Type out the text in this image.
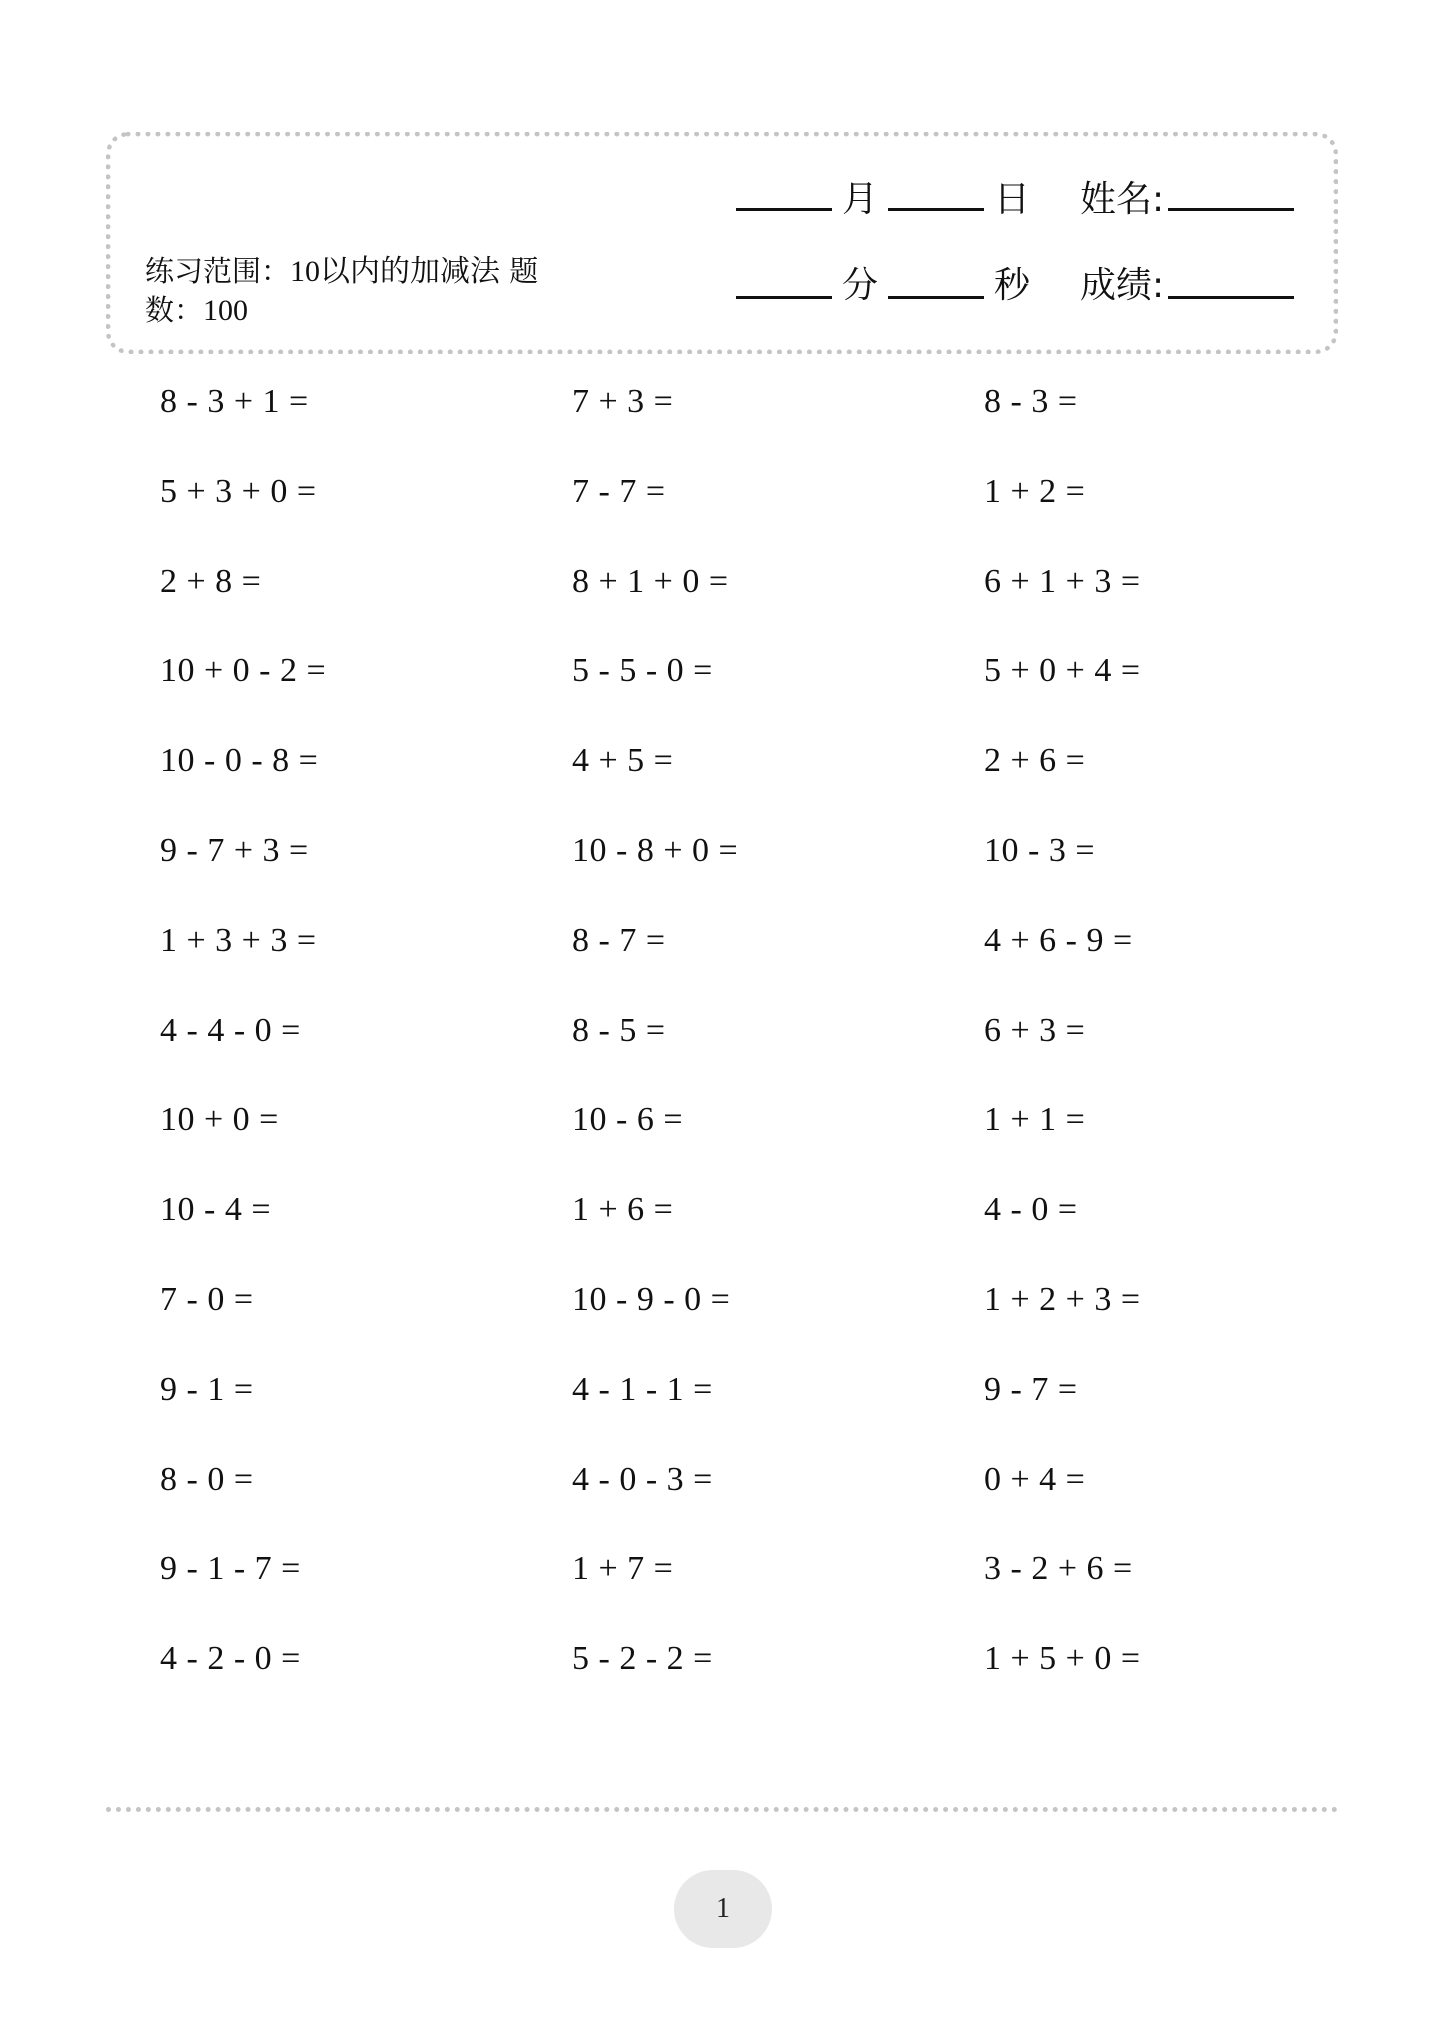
练习范围：10以内的加减法 题
数：100
月	日 姓名:
分	秒 成绩:
8 - 3 + 1 =	7 + 3 =	8 - 3 =
5 + 3 + 0 =	7 - 7 =	1 + 2 =
2 + 8 =	8 + 1 + 0 =	6 + 1 + 3 =
10 + 0 - 2 =	5 - 5 - 0 =	5 + 0 + 4 =
10 - 0 - 8 =	4 + 5 =	2 + 6 =
9 - 7 + 3 =	10 - 8 + 0 =	10 - 3 =
1 + 3 + 3 =	8 - 7 =	4 + 6 - 9 =
4 - 4 - 0 =	8 - 5 =	6 + 3 =
10 + 0 =	10 - 6 =	1 + 1 =
10 - 4 =	1 + 6 =	4 - 0 =
7 - 0 =	10 - 9 - 0 =	1 + 2 + 3 =
9 - 1 =	4 - 1 - 1 =	9 - 7 =
8 - 0 =	4 - 0 - 3 =	0 + 4 =
9 - 1 - 7 =	1 + 7 =	3 - 2 + 6 =
4 - 2 - 0 =	5 - 2 - 2 =	1 + 5 + 0 =
1
